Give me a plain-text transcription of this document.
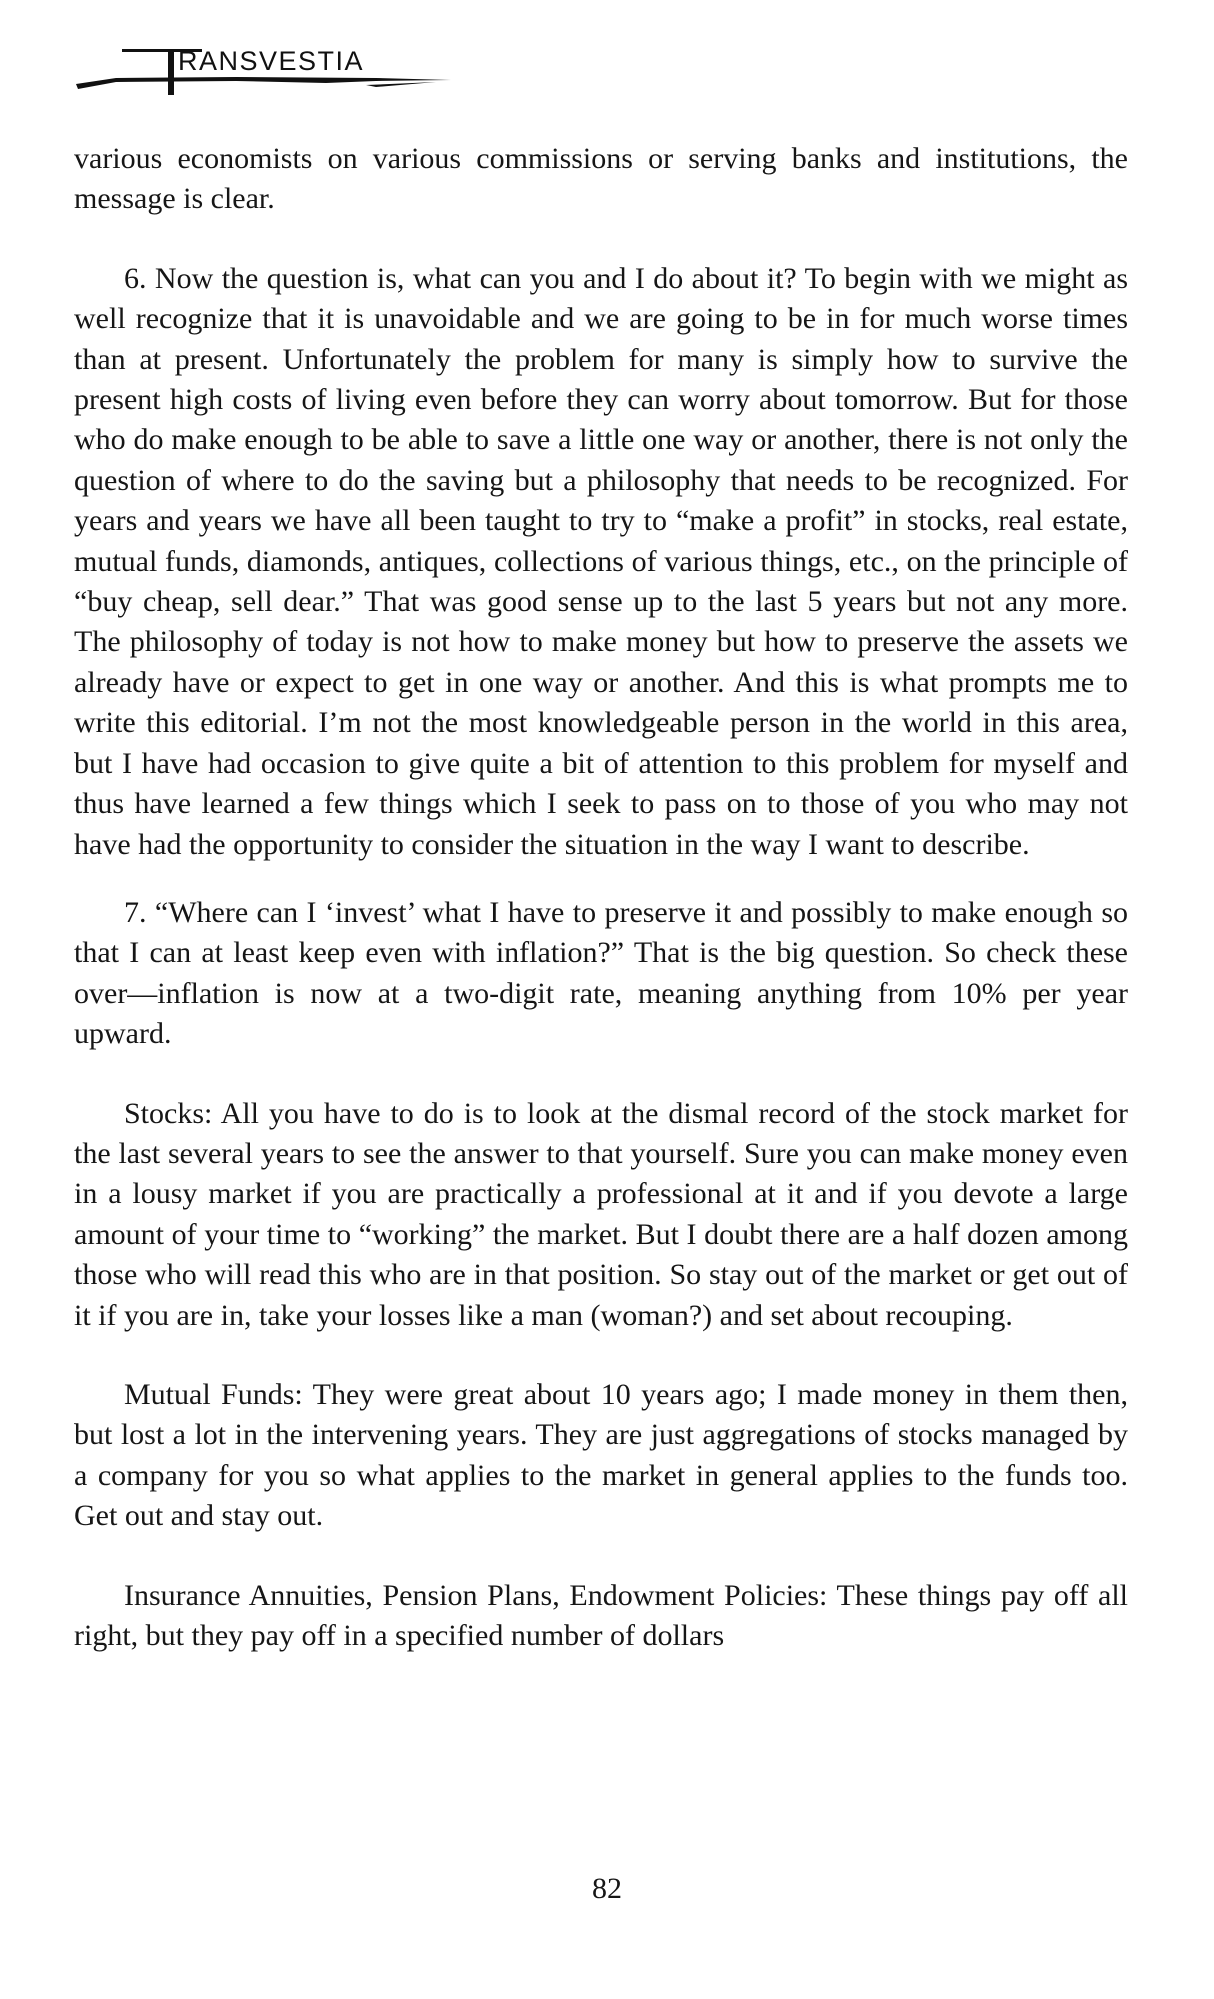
RANSVESTIA

various economists on various commissions or serving banks and institutions, the message is clear.

6. Now the question is, what can you and I do about it? To begin with we might as well recognize that it is unavoidable and we are going to be in for much worse times than at present. Unfortunately the problem for many is simply how to survive the present high costs of living even before they can worry about tomorrow. But for those who do make enough to be able to save a little one way or another, there is not only the question of where to do the saving but a philosophy that needs to be recognized. For years and years we have all been taught to try to “make a profit” in stocks, real estate, mutual funds, diamonds, antiques, collections of various things, etc., on the principle of “buy cheap, sell dear.” That was good sense up to the last 5 years but not any more. The philosophy of today is not how to make money but how to preserve the assets we already have or expect to get in one way or another. And this is what prompts me to write this editorial. I’m not the most knowledgeable person in the world in this area, but I have had occasion to give quite a bit of attention to this problem for myself and thus have learned a few things which I seek to pass on to those of you who may not have had the opportunity to consider the situation in the way I want to describe.

7. “Where can I ‘invest’ what I have to preserve it and possibly to make enough so that I can at least keep even with inflation?” That is the big question. So check these over—inflation is now at a two-digit rate, meaning anything from 10% per year upward.

Stocks: All you have to do is to look at the dismal record of the stock market for the last several years to see the answer to that yourself. Sure you can make money even in a lousy market if you are practically a professional at it and if you devote a large amount of your time to “working” the market. But I doubt there are a half dozen among those who will read this who are in that position. So stay out of the market or get out of it if you are in, take your losses like a man (woman?) and set about recouping.

Mutual Funds: They were great about 10 years ago; I made money in them then, but lost a lot in the intervening years. They are just aggregations of stocks managed by a company for you so what applies to the market in general applies to the funds too. Get out and stay out.

Insurance Annuities, Pension Plans, Endowment Policies: These things pay off all right, but they pay off in a specified number of dollars

82
